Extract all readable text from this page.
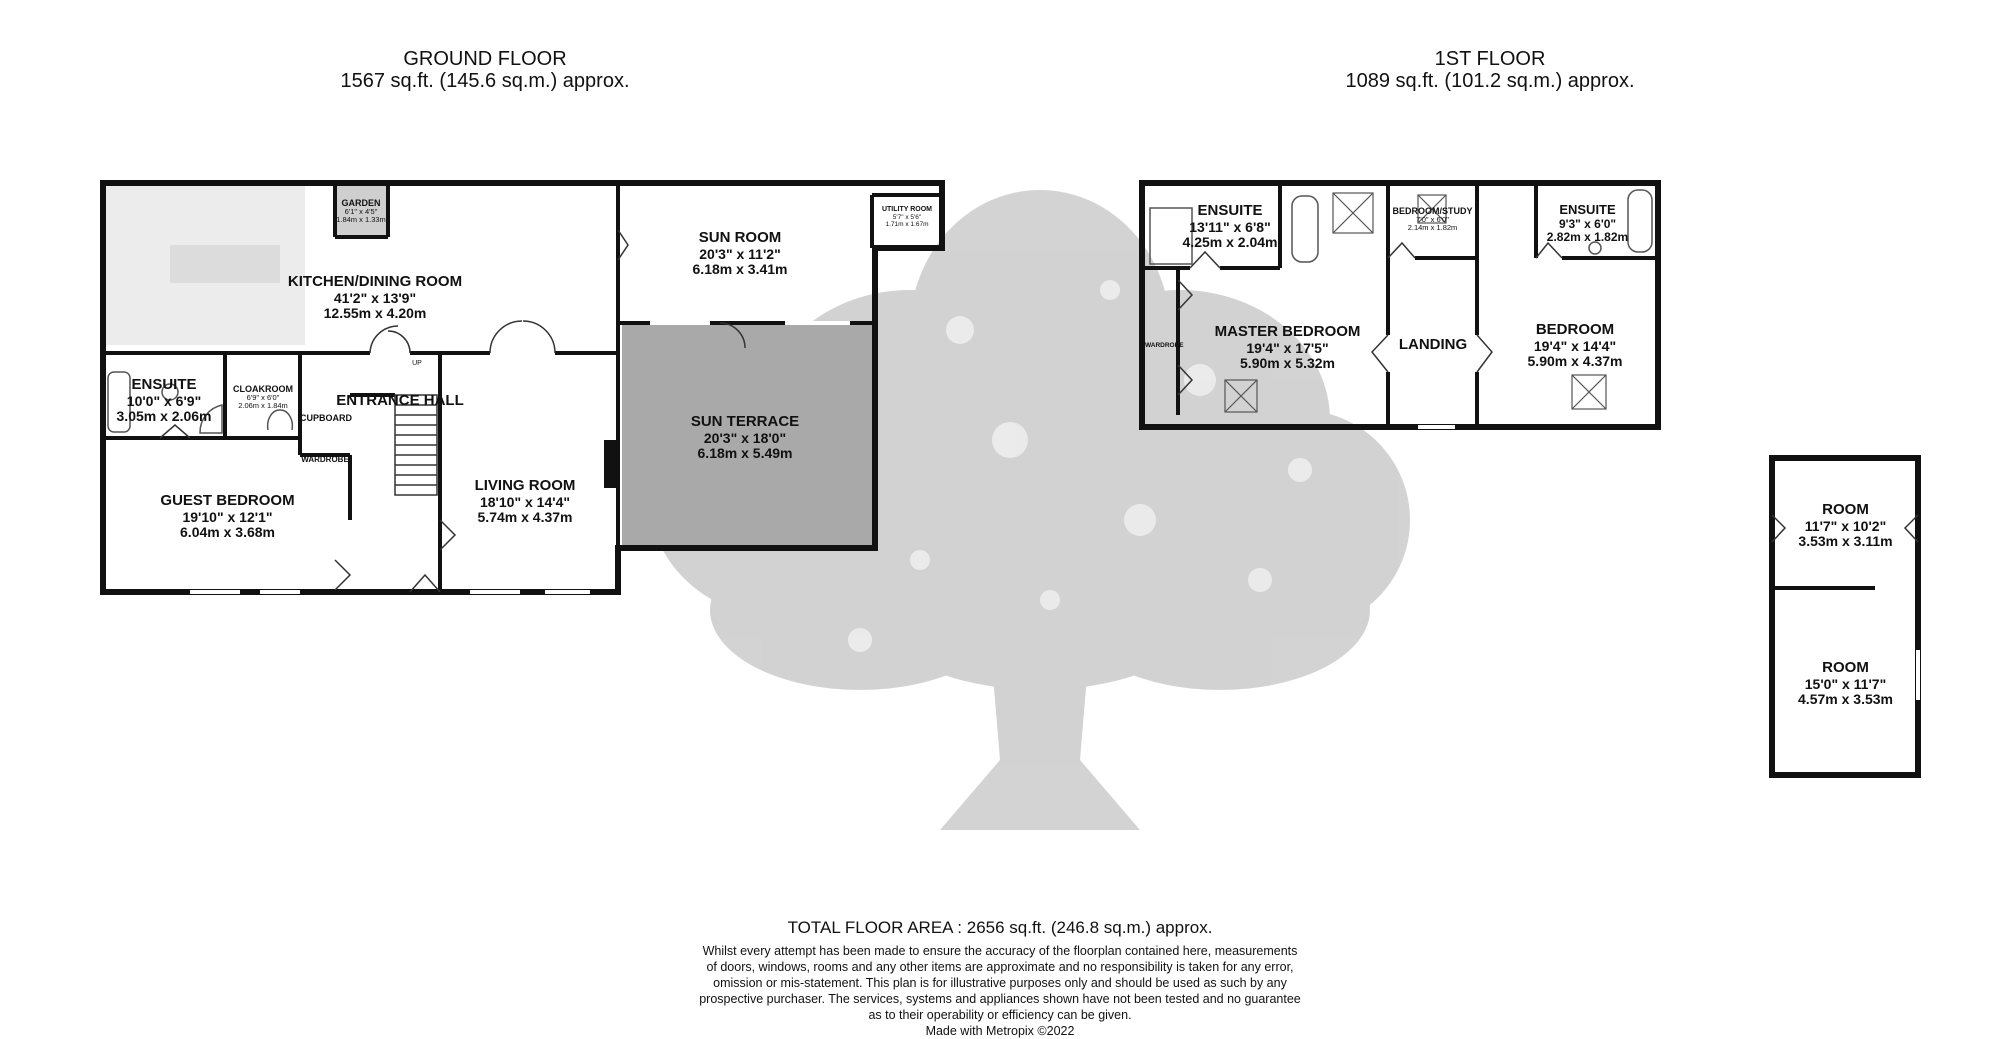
GROUND FLOOR
1567 sq.ft. (145.6 sq.m.) approx.
1ST FLOOR
1089 sq.ft. (101.2 sq.m.) approx.
GARDEN
6'1" x 4'5"
1.84m x 1.33m
KITCHEN/DINING ROOM
41'2" x 13'9"
12.55m x 4.20m
SUN ROOM
20'3" x 11'2"
6.18m x 3.41m
UTILITY ROOM
5'7" x 5'6"
1.71m x 1.67m
ENSUITE
10'0" x 6'9"
3.05m x 2.06m
CLOAKROOM
6'9" x 6'0"
2.06m x 1.84m	ENTRANCE HALL
UP
CUPBOARD
WARDROBE
GUEST BEDROOM
19'10" x 12'1"
6.04m x 3.68m
LIVING ROOM
18'10" x 14'4"
5.74m x 4.37m
SUN TERRACE
20'3" x 18'0"
6.18m x 5.49m
ENSUITE
13'11" x 6'8"
4.25m x 2.04m
BEDROOM/STUDY
7'0" x 6'0"
2.14m x 1.82m
ENSUITE
9'3" x 6'0"
2.82m x 1.82m
MASTER BEDROOM
19'4" x 17'5"
5.90m x 5.32m
LANDING
BEDROOM
19'4" x 14'4"
5.90m x 4.37m
WARDROBE
ROOM
11'7" x 10'2"
3.53m x 3.11m
ROOM
15'0" x 11'7"
4.57m x 3.53m
TOTAL FLOOR AREA : 2656 sq.ft. (246.8 sq.m.) approx.
Whilst every attempt has been made to ensure the accuracy of the floorplan contained here, measurements
of doors, windows, rooms and any other items are approximate and no responsibility is taken for any error,
omission or mis-statement. This plan is for illustrative purposes only and should be used as such by any
prospective purchaser. The services, systems and appliances shown have not been tested and no guarantee
as to their operability or efficiency can be given.
Made with Metropix ©2022
